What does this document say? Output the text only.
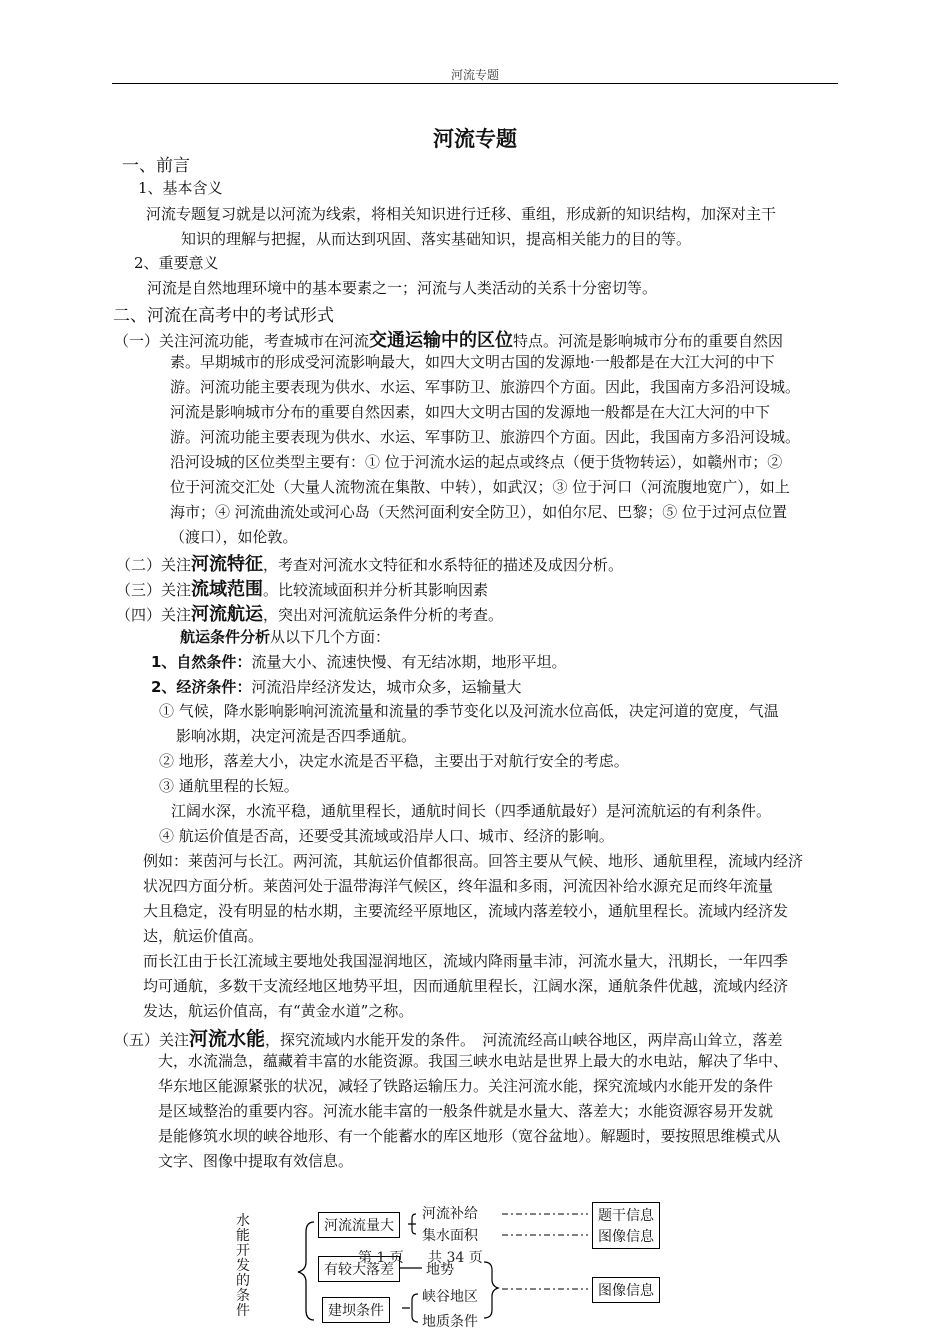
河流专题
河流专题
一、前言
1、基本含义
河流专题复习就是以河流为线索，将相关知识进行迁移、重组，形成新的知识结构，加深对主干
知识的理解与把握，从而达到巩固、落实基础知识，提高相关能力的目的等。
2、重要意义
河流是自然地理环境中的基本要素之一；河流与人类活动的关系十分密切等。
二、河流在高考中的考试形式
（一）关注河流功能，考查城市在河流交通运输中的区位特点。河流是影响城市分布的重要自然因
素。早期城市的形成受河流影响最大，如四大文明古国的发源地·一般都是在大江大河的中下
游。河流功能主要表现为供水、水运、军事防卫、旅游四个方面。因此，我国南方多沿河设城。
河流是影响城市分布的重要自然因素，如四大文明古国的发源地一般都是在大江大河的中下
游。河流功能主要表现为供水、水运、军事防卫、旅游四个方面。因此，我国南方多沿河设城。
沿河设城的区位类型主要有：① 位于河流水运的起点或终点（便于货物转运），如赣州市；②
位于河流交汇处（大量人流物流在集散、中转），如武汉；③ 位于河口（河流腹地宽广），如上
海市；④ 河流曲流处或河心岛（天然河面利安全防卫），如伯尔尼、巴黎；⑤ 位于过河点位置
（渡口），如伦敦。
（二）关注河流特征，考查对河流水文特征和水系特征的描述及成因分析。
（三）关注流域范围。比较流域面积并分析其影响因素
（四）关注河流航运，突出对河流航运条件分析的考查。
航运条件分析从以下几个方面：
1、自然条件：流量大小、流速快慢、有无结冰期，地形平坦。
2、经济条件：河流沿岸经济发达，城市众多，运输量大
① 气候，降水影响影响河流流量和流量的季节变化以及河流水位高低，决定河道的宽度，气温
影响冰期，决定河流是否四季通航。
② 地形，落差大小，决定水流是否平稳，主要出于对航行安全的考虑。
③ 通航里程的长短。
江阔水深，水流平稳，通航里程长，通航时间长（四季通航最好）是河流航运的有利条件。
④ 航运价值是否高，还要受其流域或沿岸人口、城市、经济的影响。
例如：莱茵河与长江。两河流，其航运价值都很高。回答主要从气候、地形、通航里程，流域内经济
状况四方面分析。莱茵河处于温带海洋气候区，终年温和多雨，河流因补给水源充足而终年流量
大且稳定，没有明显的枯水期，主要流经平原地区，流域内落差较小，通航里程长。流域内经济发
达，航运价值高。
而长江由于长江流域主要地处我国湿润地区，流域内降雨量丰沛，河流水量大，汛期长，一年四季
均可通航，多数干支流经地区地势平坦，因而通航里程长，江阔水深，通航条件优越，流域内经济
发达，航运价值高，有“黄金水道”之称。
（五）关注河流水能，探究流域内水能开发的条件。　河流流经高山峡谷地区，两岸高山耸立，落差
大，水流湍急，蕴藏着丰富的水能资源。我国三峡水电站是世界上最大的水电站，解决了华中、
华东地区能源紧张的状况，减轻了铁路运输压力。关注河流水能，探究流域内水能开发的条件
是区域整治的重要内容。河流水能丰富的一般条件就是水量大、落差大；水能资源容易开发就
是能修筑水坝的峡谷地形、有一个能蓄水的库区地形（宽谷盆地）。解题时，要按照思维模式从
文字、图像中提取有效信息。
水能开发的条件
河流流量大
有较大落差
建坝条件
河流补给
集水面积
地势
峡谷地区
地质条件
题干信息
图像信息
图像信息
第 1 页 共 34 页
